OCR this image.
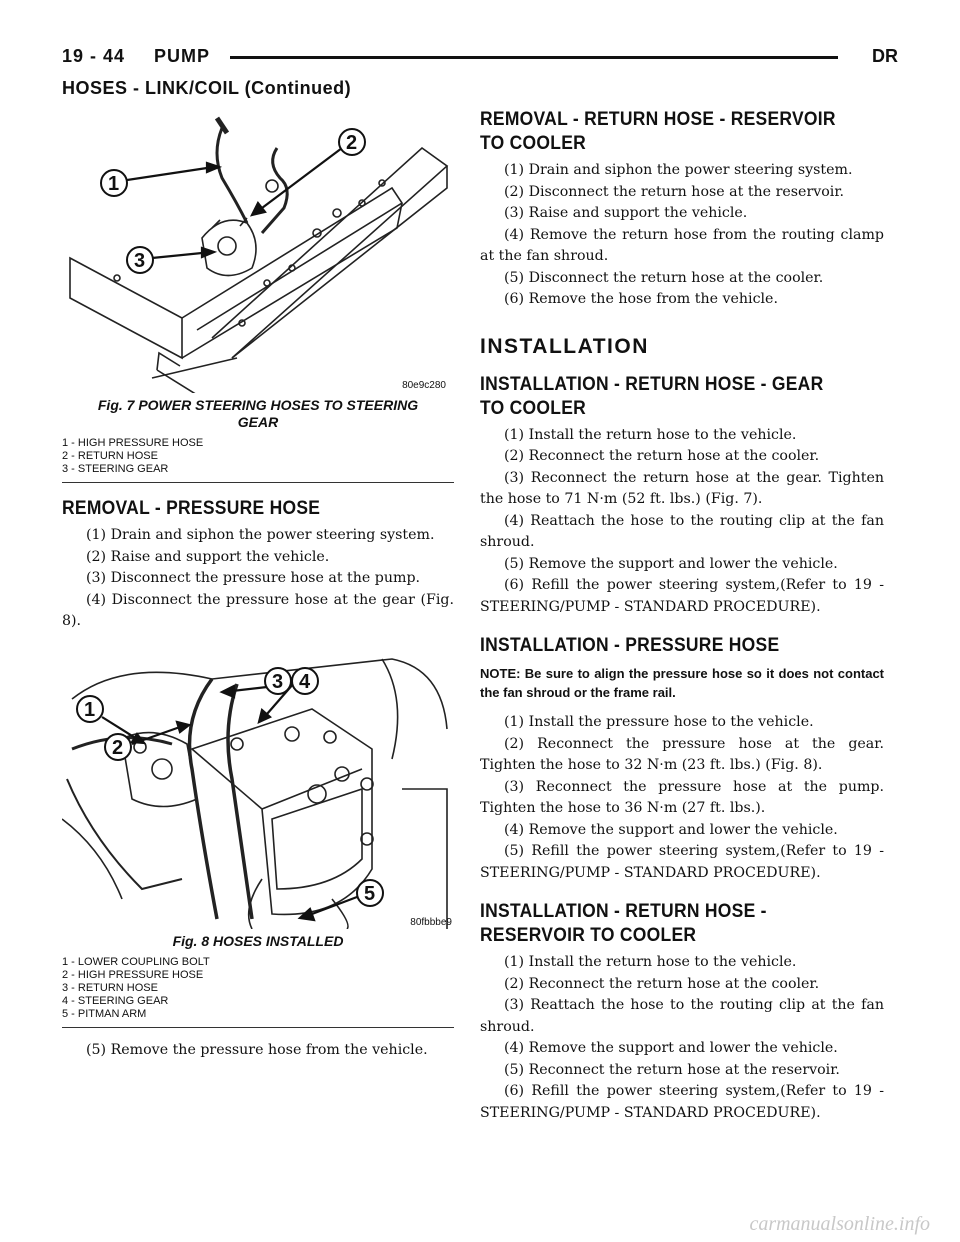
19 - 44 PUMP	DR
HOSES - LINK/COIL (Continued)
1
2
3
80e9c280
Fig. 7 POWER STEERING HOSES TO STEERING
GEAR
1 - HIGH PRESSURE HOSE
2 - RETURN HOSE
3 - STEERING GEAR
REMOVAL - PRESSURE HOSE

(1) Drain and siphon the power steering system.

(2) Raise and support the vehicle.

(3) Disconnect the pressure hose at the pump.

(4) Disconnect the pressure hose at the gear (Fig. 8).

1
2
3 4
5
80fbbbe9
Fig. 8 HOSES INSTALLED
1 - LOWER COUPLING BOLT
2 - HIGH PRESSURE HOSE
3 - RETURN HOSE
4 - STEERING GEAR
5 - PITMAN ARM

(5) Remove the pressure hose from the vehicle.

REMOVAL - RETURN HOSE - RESERVOIR TO COOLER

(1) Drain and siphon the power steering system.

(2) Disconnect the return hose at the reservoir.

(3) Raise and support the vehicle.

(4) Remove the return hose from the routing clamp at the fan shroud.

(5) Disconnect the return hose at the cooler.

(6) Remove the hose from the vehicle.

INSTALLATION
INSTALLATION - RETURN HOSE - GEAR TO COOLER

(1) Install the return hose to the vehicle.

(2) Reconnect the return hose at the cooler.

(3) Reconnect the return hose at the gear. Tighten the hose to 71 N·m (52 ft. lbs.) (Fig. 7).

(4) Reattach the hose to the routing clip at the fan shroud.

(5) Remove the support and lower the vehicle.

(6) Refill the power steering system,(Refer to 19 - STEERING/PUMP - STANDARD PROCEDURE).

INSTALLATION - PRESSURE HOSE

NOTE: Be sure to align the pressure hose so it does not contact the fan shroud or the frame rail.

(1) Install the pressure hose to the vehicle.

(2) Reconnect the pressure hose at the gear. Tighten the hose to 32 N·m (23 ft. lbs.) (Fig. 8).

(3) Reconnect the pressure hose at the pump. Tighten the hose to 36 N·m (27 ft. lbs.).

(4) Remove the support and lower the vehicle.

(5) Refill the power steering system,(Refer to 19 - STEERING/PUMP - STANDARD PROCEDURE).

INSTALLATION - RETURN HOSE - RESERVOIR TO COOLER

(1) Install the return hose to the vehicle.

(2) Reconnect the return hose at the cooler.

(3) Reattach the hose to the routing clip at the fan shroud.

(4) Remove the support and lower the vehicle.

(5) Reconnect the return hose at the reservoir.

(6) Refill the power steering system,(Refer to 19 - STEERING/PUMP - STANDARD PROCEDURE).

carmanualsonline.info
